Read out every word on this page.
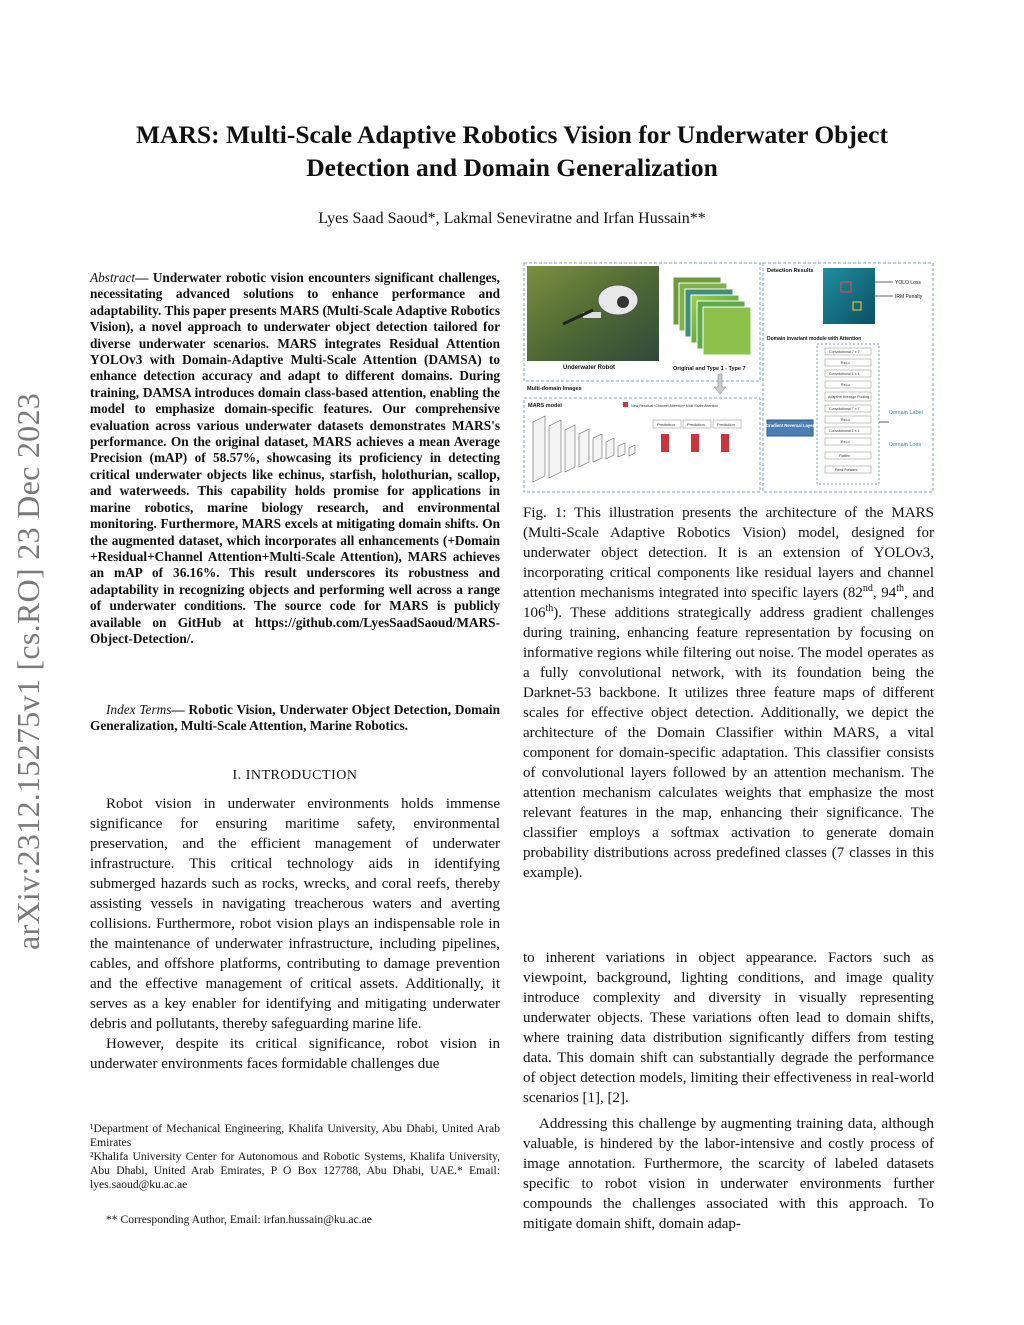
arXiv:2312.15275v1 [cs.RO] 23 Dec 2023
MARS: Multi-Scale Adaptive Robotics Vision for Underwater Object Detection and Domain Generalization
Lyes Saad Saoud*, Lakmal Seneviratne and Irfan Hussain**
Abstract— Underwater robotic vision encounters significant challenges, necessitating advanced solutions to enhance performance and adaptability. This paper presents MARS (Multi-Scale Adaptive Robotics Vision), a novel approach to underwater object detection tailored for diverse underwater scenarios. MARS integrates Residual Attention YOLOv3 with Domain-Adaptive Multi-Scale Attention (DAMSA) to enhance detection accuracy and adapt to different domains. During training, DAMSA introduces domain class-based attention, enabling the model to emphasize domain-specific features. Our comprehensive evaluation across various underwater datasets demonstrates MARS's performance. On the original dataset, MARS achieves a mean Average Precision (mAP) of 58.57%, showcasing its proficiency in detecting critical underwater objects like echinus, starfish, holothurian, scallop, and waterweeds. This capability holds promise for applications in marine robotics, marine biology research, and environmental monitoring. Furthermore, MARS excels at mitigating domain shifts. On the augmented dataset, which incorporates all enhancements (+Domain +Residual+Channel Attention+Multi-Scale Attention), MARS achieves an mAP of 36.16%. This result underscores its robustness and adaptability in recognizing objects and performing well across a range of underwater conditions. The source code for MARS is publicly available on GitHub at https://github.com/LyesSaadSaoud/MARS-Object-Detection/.
Index Terms— Robotic Vision, Underwater Object Detection, Domain Generalization, Multi-Scale Attention, Marine Robotics.
I. INTRODUCTION

Robot vision in underwater environments holds immense significance for ensuring maritime safety, environmental preservation, and the efficient management of underwater infrastructure. This critical technology aids in identifying submerged hazards such as rocks, wrecks, and coral reefs, thereby assisting vessels in navigating treacherous waters and averting collisions. Furthermore, robot vision plays an indispensable role in the maintenance of underwater infrastructure, including pipelines, cables, and offshore platforms, contributing to damage prevention and the effective management of critical assets. Additionally, it serves as a key enabler for identifying and mitigating underwater debris and pollutants, thereby safeguarding marine life.

However, despite its critical significance, robot vision in underwater environments faces formidable challenges due

¹Department of Mechanical Engineering, Khalifa University, Abu Dhabi, United Arab Emirates
²Khalifa University Center for Autonomous and Robotic Systems, Khalifa University, Abu Dhabi, United Arab Emirates, P O Box 127788, Abu Dhabi, UAE.* Email: lyes.saoud@ku.ac.ae
** Corresponding Author, Email: irfan.hussain@ku.ac.ae
Underwater Robot	Original and Type 1 - Type 7
Multi-domain Images
MARS model	New Residual+Channel Attention+Multi Scale Attention
Prediction	Prediction	Prediction
Detection Results
YOLO Loss
IRM Penalty
Domain invariant module with Attention
Convolutional 7 x 7
ReLu
Convolutional 1 x 1
ReLu
Adaptive Average Pooling
Convolutional 7 x 7
ReLu
Convolutional 1 x 1
ReLu
Flatten
Feed Forward
Gradient Reversal Layer
Domain Label
Domain Loss
Fig. 1: This illustration presents the architecture of the MARS (Multi-Scale Adaptive Robotics Vision) model, designed for underwater object detection. It is an extension of YOLOv3, incorporating critical components like residual layers and channel attention mechanisms integrated into specific layers (82nd, 94th, and 106th). These additions strategically address gradient challenges during training, enhancing feature representation by focusing on informative regions while filtering out noise. The model operates as a fully convolutional network, with its foundation being the Darknet-53 backbone. It utilizes three feature maps of different scales for effective object detection. Additionally, we depict the architecture of the Domain Classifier within MARS, a vital component for domain-specific adaptation. This classifier consists of convolutional layers followed by an attention mechanism. The attention mechanism calculates weights that emphasize the most relevant features in the map, enhancing their significance. The classifier employs a softmax activation to generate domain probability distributions across predefined classes (7 classes in this example).

to inherent variations in object appearance. Factors such as viewpoint, background, lighting conditions, and image quality introduce complexity and diversity in visually representing underwater objects. These variations often lead to domain shifts, where training data distribution significantly differs from testing data. This domain shift can substantially degrade the performance of object detection models, limiting their effectiveness in real-world scenarios [1], [2].

Addressing this challenge by augmenting training data, although valuable, is hindered by the labor-intensive and costly process of image annotation. Furthermore, the scarcity of labeled datasets specific to robot vision in underwater environments further compounds the challenges associated with this approach. To mitigate domain shift, domain adap-
